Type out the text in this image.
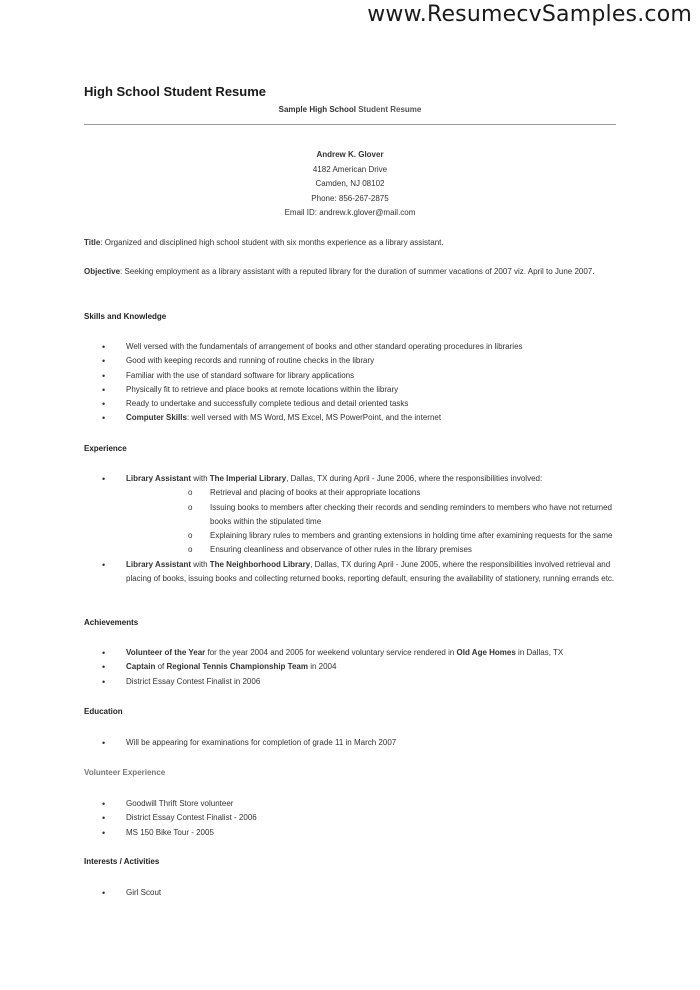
www.ResumecvSamples.com
High School Student Resume
Sample High School Student Resume
Andrew K. Glover
4182 American Drive
Camden, NJ 08102
Phone: 856-267-2875
Email ID: andrew.k.glover@mail.com
Title: Organized and disciplined high school student with six months experience as a library assistant.
Objective: Seeking employment as a library assistant with a reputed library for the duration of summer vacations of 2007 viz. April to June 2007.
Skills and Knowledge
•	Well versed with the fundamentals of arrangement of books and other standard operating procedures in libraries
•	Good with keeping records and running of routine checks in the library
•	Familiar with the use of standard software for library applications
•	Physically fit to retrieve and place books at remote locations within the library
•	Ready to undertake and successfully complete tedious and detail oriented tasks
•	Computer Skills: well versed with MS Word, MS Excel, MS PowerPoint, and the internet
Experience
•	Library Assistant with The Imperial Library, Dallas, TX during April - June 2006, where the responsibilities involved:
o Retrieval and placing of books at their appropriate locations
o Issuing books to members after checking their records and sending reminders to members who have not returned books within the stipulated time
o Explaining library rules to members and granting extensions in holding time after examining requests for the same
o Ensuring cleanliness and observance of other rules in the library premises
•	Library Assistant with The Neighborhood Library, Dallas, TX during April - June 2005, where the responsibilities involved retrieval and placing of books, issuing books and collecting returned books, reporting default, ensuring the availability of stationery, running errands etc.
Achievements
•	Volunteer of the Year for the year 2004 and 2005 for weekend voluntary service rendered in Old Age Homes in Dallas, TX
•	Captain of Regional Tennis Championship Team in 2004
•	District Essay Contest Finalist in 2006
Education
•	Will be appearing for examinations for completion of grade 11 in March 2007
Volunteer Experience
•	Goodwill Thrift Store volunteer
•	District Essay Contest Finalist - 2006
•	MS 150 Bike Tour - 2005
Interests / Activities
•	Girl Scout
